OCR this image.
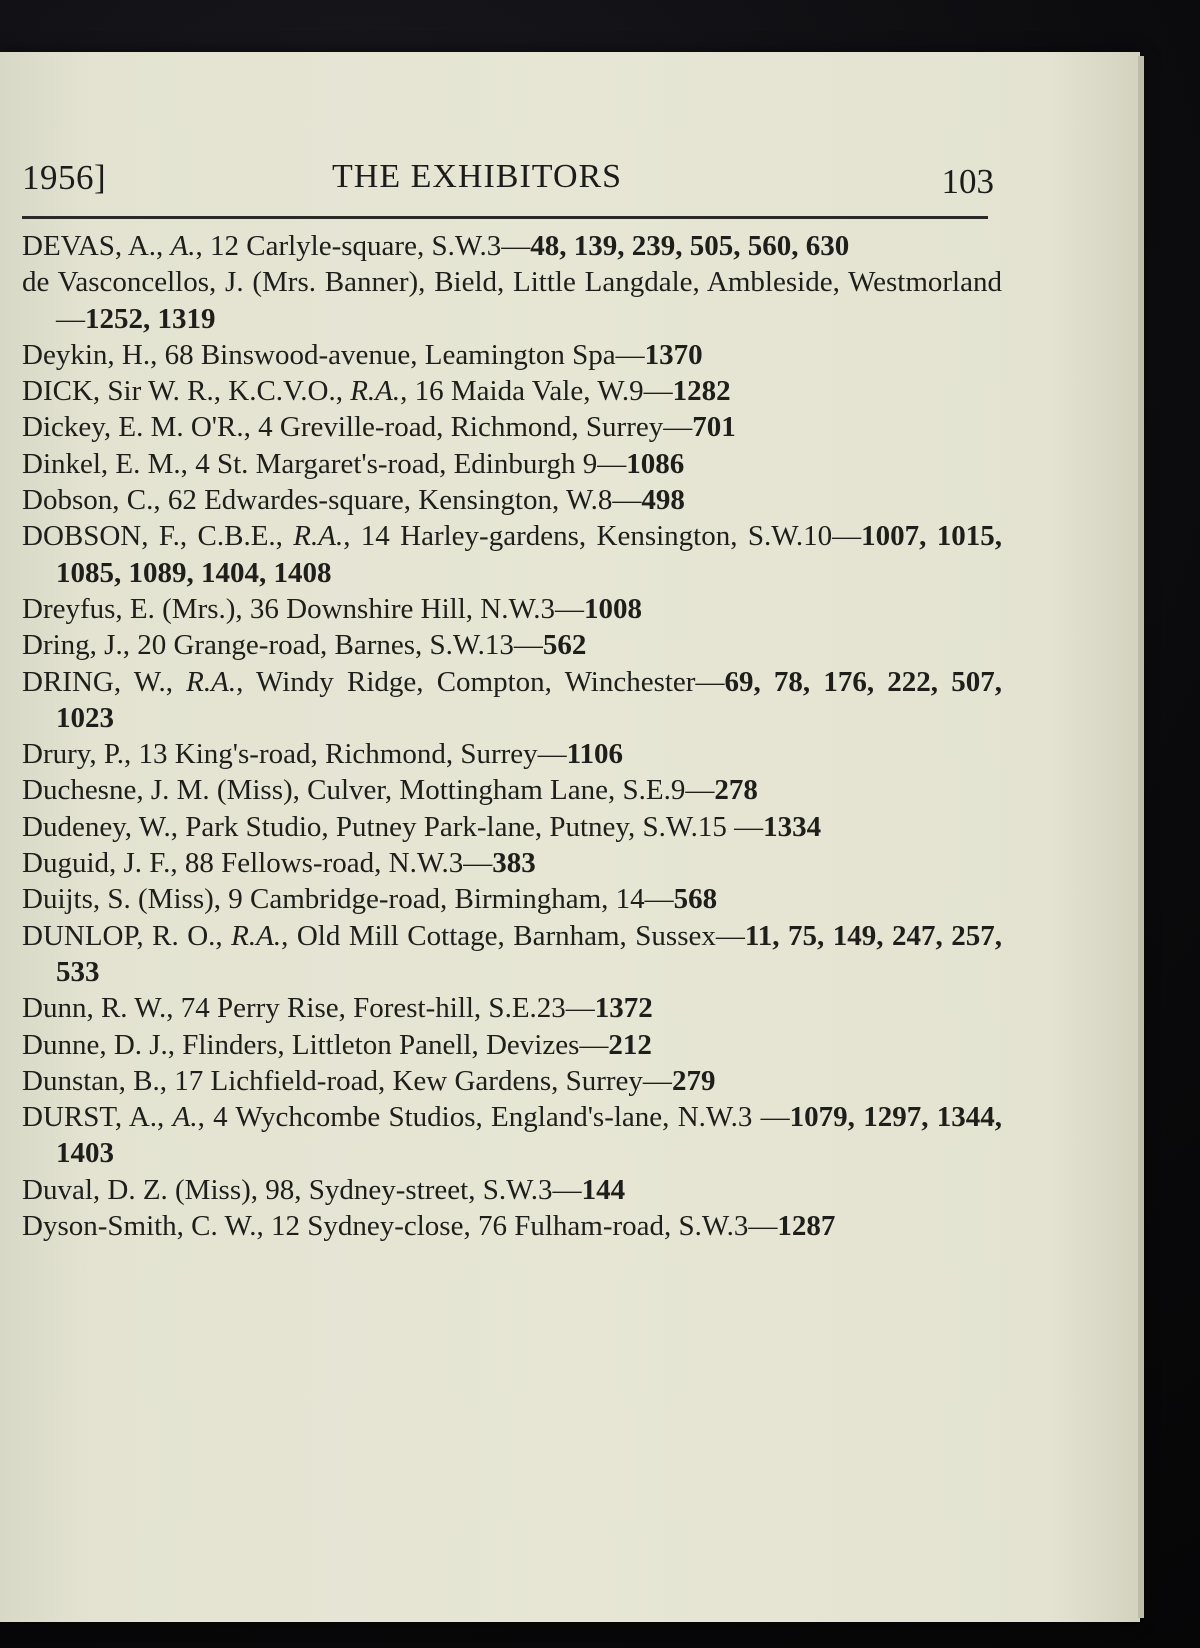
1956]	THE EXHIBITORS	103

DEVAS, A., A., 12 Carlyle-square, S.W.3—48, 139, 239, 505, 560, 630

de Vasconcellos, J. (Mrs. Banner), Bield, Little Langdale, Ambleside, Westmorland—1252, 1319

Deykin, H., 68 Binswood-avenue, Leamington Spa—1370

DICK, Sir W. R., K.C.V.O., R.A., 16 Maida Vale, W.9—1282

Dickey, E. M. O'R., 4 Greville-road, Richmond, Surrey—701

Dinkel, E. M., 4 St. Margaret's-road, Edinburgh 9—1086

Dobson, C., 62 Edwardes-square, Kensington, W.8—498

DOBSON, F., C.B.E., R.A., 14 Harley-gardens, Kensington, S.W.10—1007, 1015, 1085, 1089, 1404, 1408

Dreyfus, E. (Mrs.), 36 Downshire Hill, N.W.3—1008

Dring, J., 20 Grange-road, Barnes, S.W.13—562

DRING, W., R.A., Windy Ridge, Compton, Winchester—69, 78, 176, 222, 507, 1023

Drury, P., 13 King's-road, Richmond, Surrey—1106

Duchesne, J. M. (Miss), Culver, Mottingham Lane, S.E.9—278

Dudeney, W., Park Studio, Putney Park-lane, Putney, S.W.15 —1334

Duguid, J. F., 88 Fellows-road, N.W.3—383

Duijts, S. (Miss), 9 Cambridge-road, Birmingham, 14—568

DUNLOP, R. O., R.A., Old Mill Cottage, Barnham, Sussex—11, 75, 149, 247, 257, 533

Dunn, R. W., 74 Perry Rise, Forest-hill, S.E.23—1372

Dunne, D. J., Flinders, Littleton Panell, Devizes—212

Dunstan, B., 17 Lichfield-road, Kew Gardens, Surrey—279

DURST, A., A., 4 Wychcombe Studios, England's-lane, N.W.3 —1079, 1297, 1344, 1403

Duval, D. Z. (Miss), 98, Sydney-street, S.W.3—144

Dyson-Smith, C. W., 12 Sydney-close, 76 Fulham-road, S.W.3—1287
